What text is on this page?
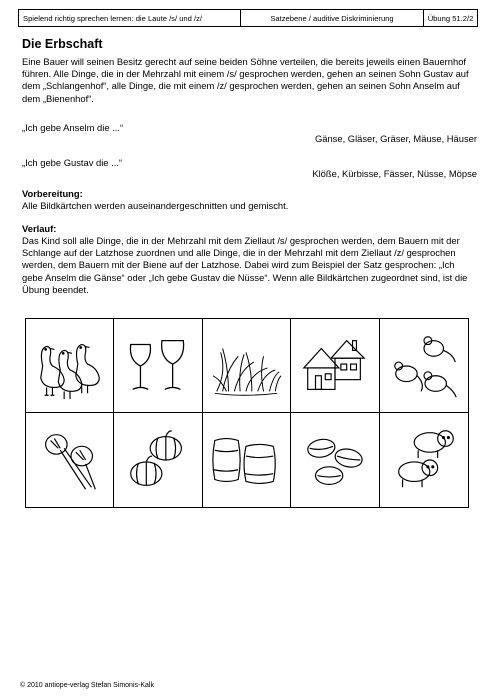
Spielend richtig sprechen lernen: die Laute /s/ und /z/	Satzebene / auditive Diskriminierung	Übung 51.2/2
Die Erbschaft

Eine Bauer will seinen Besitz gerecht auf seine beiden Söhne verteilen, die bereits jeweils einen Bauernhof führen. Alle Dinge, die in der Mehrzahl mit einem /s/ gesprochen werden, gehen an seinen Sohn Gustav auf dem „Schlangenhof“, alle Dinge, die mit einem /z/ gesprochen werden, gehen an seinen Sohn Anselm auf dem „Bienenhof“.

„Ich gebe Anselm die ...“

Gänse, Gläser, Gräser, Mäuse, Häuser

„Ich gebe Gustav die ...“

Klöße, Kürbisse, Fässer, Nüsse, Möpse

Vorbereitung:

Alle Bildkärtchen werden auseinandergeschnitten und gemischt.

Verlauf:

Das Kind soll alle Dinge, die in der Mehrzahl mit dem Ziellaut /s/ gesprochen werden, dem Bauern mit der Schlange auf der Latzhose zuordnen und alle Dinge, die in der Mehrzahl mit dem Ziellaut /z/ gesprochen werden, dem Bauern mit der Biene auf der Latzhose. Dabei wird zum Beispiel der Satz gesprochen: „Ich gebe Anselm die Gänse“ oder „Ich gebe Gustav die Nüsse“. Wenn alle Bildkärtchen zugeordnet sind, ist die Übung beendet.

© 2010 antiope-verlag Stefan Simonis-Kalk
